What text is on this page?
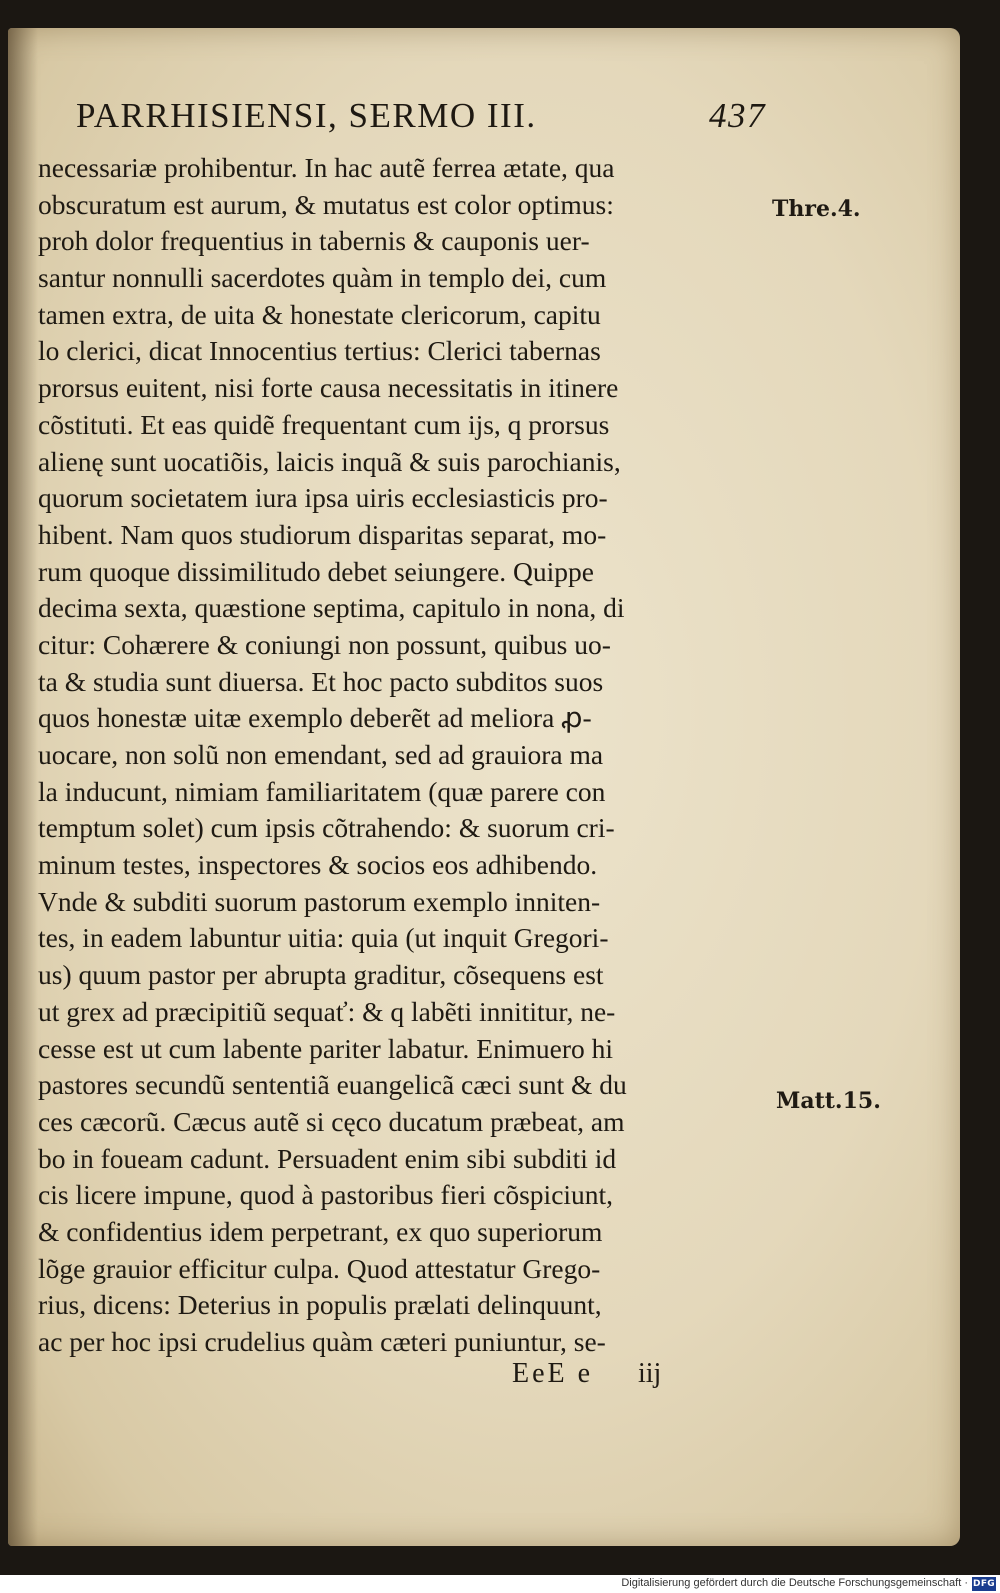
PARRHISIENSI, SERMO III.	437
necessariæ prohibentur. In hac autẽ ferrea ætate, qua
obscuratum est aurum, & mutatus est color optimus:
proh dolor frequentius in tabernis & cauponis uer-
santur nonnulli sacerdotes quàm in templo dei, cum
tamen extra, de uita & honestate clericorum, capitu
lo clerici, dicat Innocentius tertius: Clerici tabernas
prorsus euitent, nisi forte causa necessitatis in itinere
cõstituti. Et eas quidẽ frequentant cum ijs, q prorsus
alienę sunt uocatiõis, laicis inquã & suis parochianis,
quorum societatem iura ipsa uiris ecclesiasticis pro-
hibent. Nam quos studiorum disparitas separat, mo-
rum quoque dissimilitudo debet seiungere. Quippe
decima sexta, quæstione septima, capitulo in nona, di
citur: Cohærere & coniungi non possunt, quibus uo-
ta & studia sunt diuersa. Et hoc pacto subditos suos
quos honestæ uitæ exemplo deberẽt ad meliora ꝓ-
uocare, non solũ non emendant, sed ad grauiora ma
la inducunt, nimiam familiaritatem (quæ parere con
temptum solet) cum ipsis cõtrahendo: & suorum cri-
minum testes, inspectores & socios eos adhibendo.
Vnde & subditi suorum pastorum exemplo inniten-
tes, in eadem labuntur uitia: quia (ut inquit Gregori-
us) quum pastor per abrupta graditur, cõsequens est
ut grex ad præcipitiũ sequať: & q labẽti innititur, ne-
cesse est ut cum labente pariter labatur. Enimuero hi
pastores secundũ sententiã euangelicã cæci sunt & du
ces cæcorũ. Cæcus autẽ si cęco ducatum præbeat, am
bo in foueam cadunt. Persuadent enim sibi subditi id
cis licere impune, quod à pastoribus fieri cõspiciunt,
& confidentius idem perpetrant, ex quo superiorum
lõge grauior efficitur culpa. Quod attestatur Grego-
rius, dicens: Deterius in populis prælati delinquunt,
ac per hoc ipsi crudelius quàm cæteri puniuntur, se-
Thre.4.
Matt.15.
EeE e iij
Digitalisierung gefördert durch die Deutsche Forschungsgemeinschaft · DFG
